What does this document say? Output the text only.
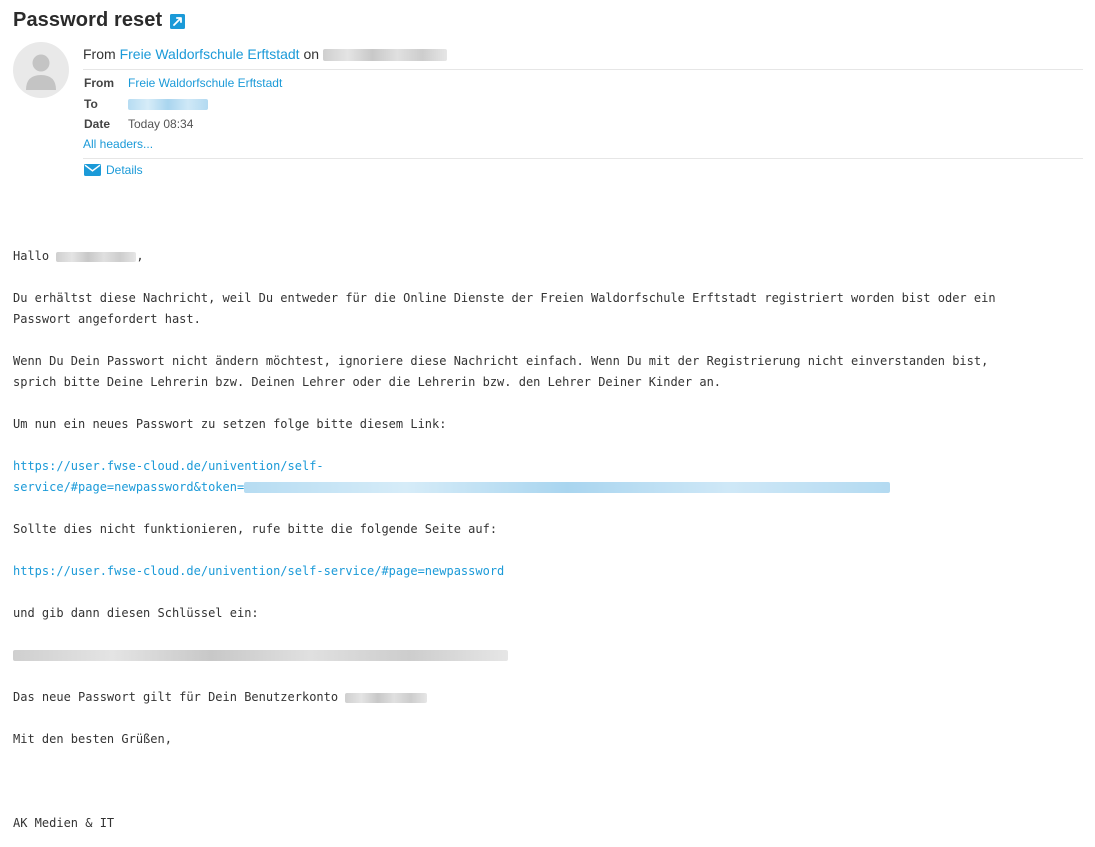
Password reset
From Freie Waldorfschule Erftstadt on
From	Freie Waldorfschule Erftstadt
To
Date	Today 08:34
All headers...
Details
Hallo	,
Du erhältst diese Nachricht, weil Du entweder für die Online Dienste der Freien Waldorfschule Erftstadt registriert worden bist oder ein
Passwort angefordert hast.
Wenn Du Dein Passwort nicht ändern möchtest, ignoriere diese Nachricht einfach. Wenn Du mit der Registrierung nicht einverstanden bist,
sprich bitte Deine Lehrerin bzw. Deinen Lehrer oder die Lehrerin bzw. den Lehrer Deiner Kinder an.
Um nun ein neues Passwort zu setzen folge bitte diesem Link:
https://user.fwse-cloud.de/univention/self-
service/#page=newpassword&token=
Sollte dies nicht funktionieren, rufe bitte die folgende Seite auf:
https://user.fwse-cloud.de/univention/self-service/#page=newpassword
und gib dann diesen Schlüssel ein:
Das neue Passwort gilt für Dein Benutzerkonto
Mit den besten Grüßen,
AK Medien & IT
